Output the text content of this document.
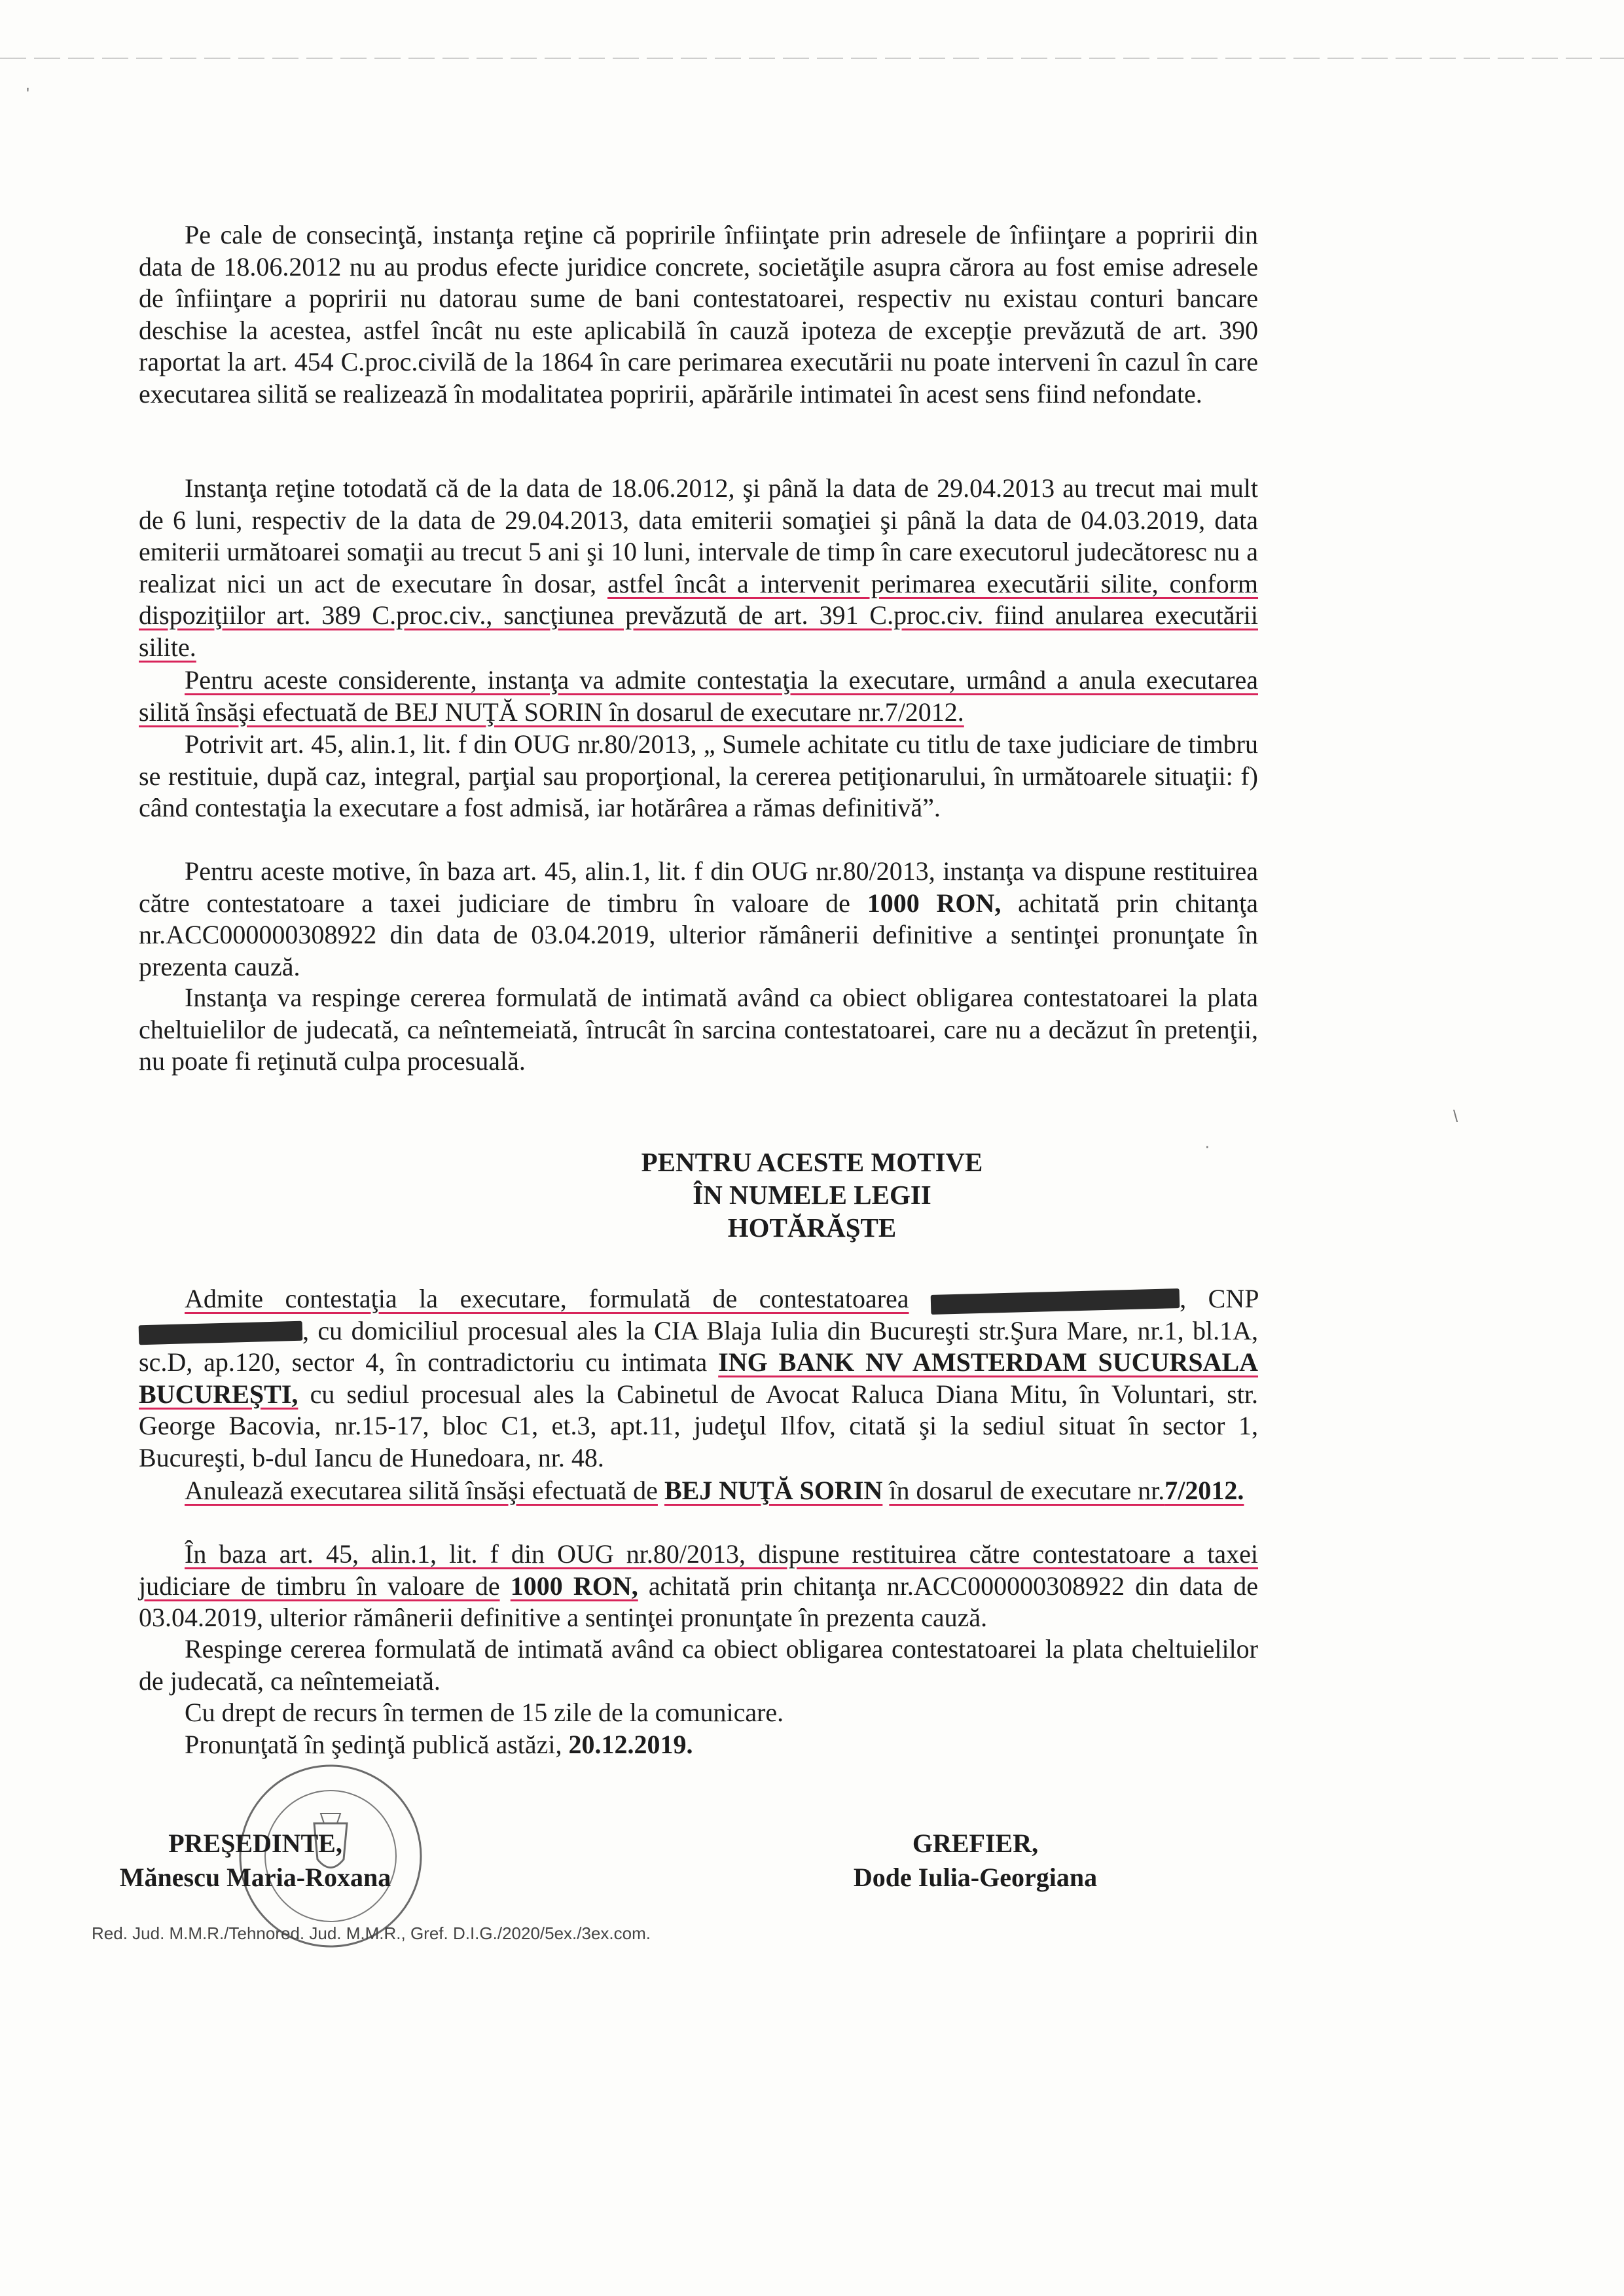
'
Pe cale de consecinţă, instanţa reţine că popririle înfiinţate prin adresele de înfiinţare a popririi din data de 18.06.2012 nu au produs efecte juridice concrete, societăţile asupra cărora au fost emise adresele de înfiinţare a popririi nu datorau sume de bani contestatoarei, respectiv nu existau conturi bancare deschise la acestea, astfel încât nu este aplicabilă în cauză ipoteza de excepţie prevăzută de art. 390 raportat la art. 454 C.proc.civilă de la 1864 în care perimarea executării nu poate interveni în cazul în care executarea silită se realizează în modalitatea popririi, apărările intimatei în acest sens fiind nefondate.
Instanţa reţine totodată că de la data de 18.06.2012, şi până la data de 29.04.2013 au trecut mai mult de 6 luni, respectiv de la data de 29.04.2013, data emiterii somaţiei şi până la data de 04.03.2019, data emiterii următoarei somaţii au trecut 5 ani şi 10 luni, intervale de timp în care executorul judecătoresc nu a realizat nici un act de executare în dosar, astfel încât a intervenit perimarea executării silite, conform dispoziţiilor art. 389 C.proc.civ., sancţiunea prevăzută de art. 391 C.proc.civ. fiind anularea executării silite.
Pentru aceste considerente, instanţa va admite contestaţia la executare, urmând a anula executarea silită însăşi efectuată de BEJ NUŢĂ SORIN în dosarul de executare nr.7/2012.
Potrivit art. 45, alin.1, lit. f din OUG nr.80/2013, „ Sumele achitate cu titlu de taxe judiciare de timbru se restituie, după caz, integral, parţial sau proporţional, la cererea petiţionarului, în următoarele situaţii: f) când contestaţia la executare a fost admisă, iar hotărârea a rămas definitivă”.
Pentru aceste motive, în baza art. 45, alin.1, lit. f din OUG nr.80/2013, instanţa va dispune restituirea către contestatoare a taxei judiciare de timbru în valoare de 1000 RON, achitată prin chitanţa nr.ACC000000308922 din data de 03.04.2019, ulterior rămânerii definitive a sentinţei pronunţate în prezenta cauză.
Instanţa va respinge cererea formulată de intimată având ca obiect obligarea contestatoarei la plata cheltuielilor de judecată, ca neîntemeiată, întrucât în sarcina contestatoarei, care nu a decăzut în pretenţii, nu poate fi reţinută culpa procesuală.
PENTRU ACESTE MOTIVE
ÎN NUMELE LEGII
HOTĂRĂŞTE
Admite contestaţia la executare, formulată de contestatoarea	, CNP , cu domiciliul procesual ales la CIA Blaja Iulia din Bucureşti str.Şura Mare, nr.1, bl.1A, sc.D, ap.120, sector 4, în contradictoriu cu intimata ING BANK NV AMSTERDAM SUCURSALA BUCUREŞTI, cu sediul procesual ales la Cabinetul de Avocat Raluca Diana Mitu, în Voluntari, str. George Bacovia, nr.15-17, bloc C1, et.3, apt.11, judeţul Ilfov, citată şi la sediul situat în sector 1, Bucureşti, b-dul Iancu de Hunedoara, nr. 48.
Anulează executarea silită însăşi efectuată de BEJ NUŢĂ SORIN în dosarul de executare nr.7/2012.
În baza art. 45, alin.1, lit. f din OUG nr.80/2013, dispune restituirea către contestatoare a taxei judiciare de timbru în valoare de 1000 RON, achitată prin chitanţa nr.ACC000000308922 din data de 03.04.2019, ulterior rămânerii definitive a sentinţei pronunţate în prezenta cauză.
Respinge cererea formulată de intimată având ca obiect obligarea contestatoarei la plata cheltuielilor de judecată, ca neîntemeiată.
Cu drept de recurs în termen de 15 zile de la comunicare.
Pronunţată în şedinţă publică astăzi, 20.12.2019.
PREŞEDINTE,
Mănescu Maria-Roxana
GREFIER,
Dode Iulia-Georgiana
Red. Jud. M.M.R./Tehnored. Jud. M.M.R., Gref. D.I.G./2020/5ex./3ex.com.
·
\
